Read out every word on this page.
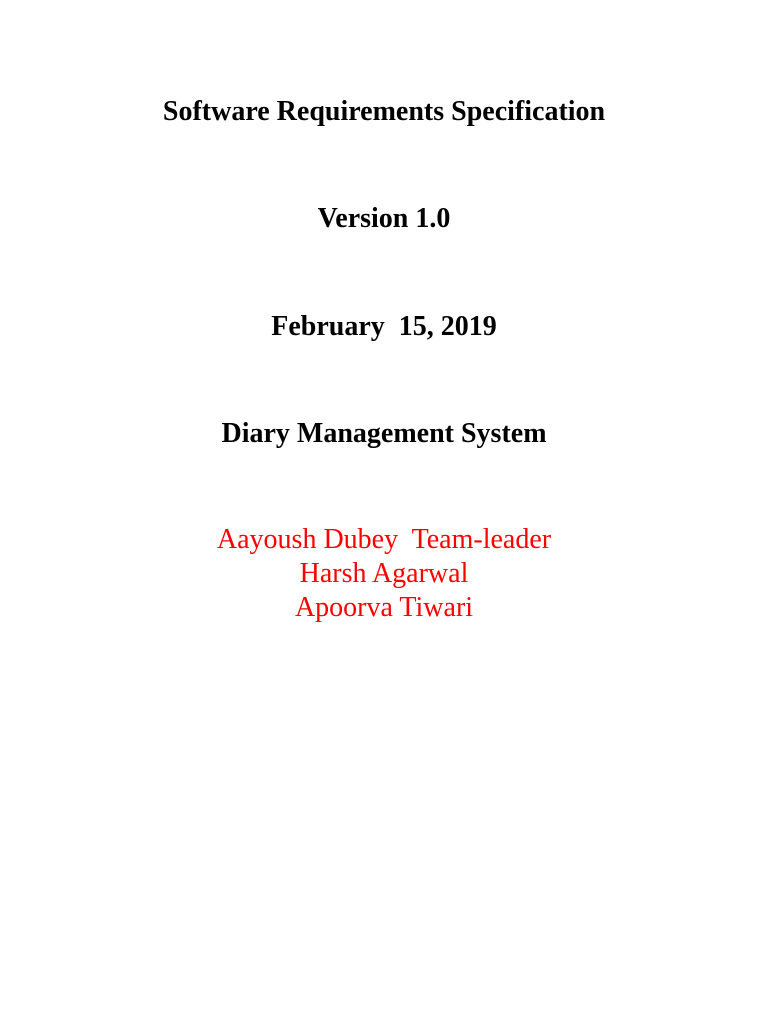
Software Requirements Specification
Version 1.0
February  15, 2019
Diary Management System
Aayoush Dubey  Team-leader
Harsh Agarwal
Apoorva Tiwari
